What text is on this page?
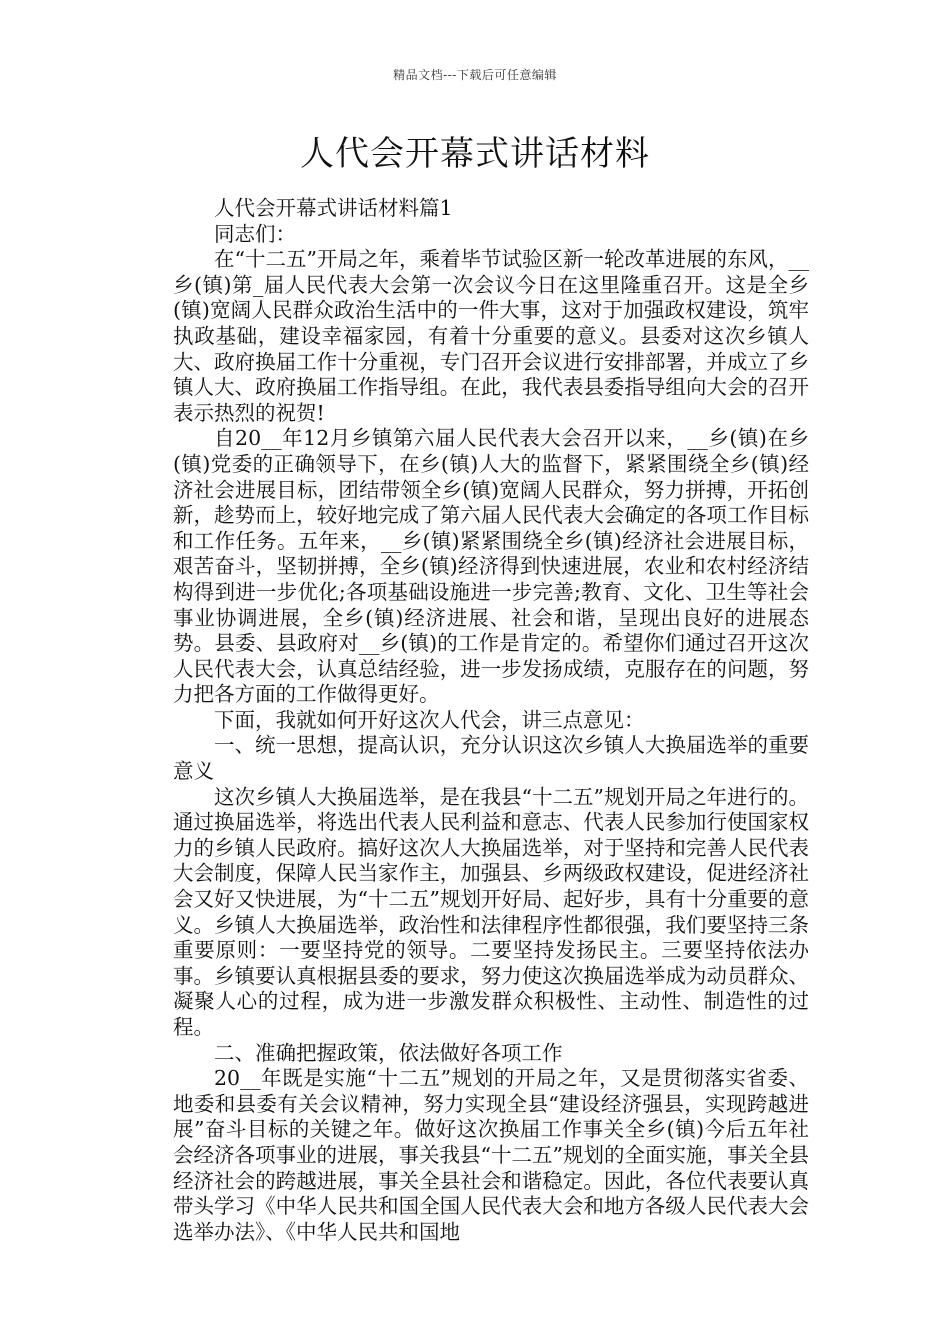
精品文档---下载后可任意编辑
人代会开幕式讲话材料

人代会开幕式讲话材料篇1

同志们：

在“十二五”开局之年，乘着毕节试验区新一轮改革进展的东风，__乡(镇)第_届人民代表大会第一次会议今日在这里隆重召开。这是全乡(镇)宽阔人民群众政治生活中的一件大事，这对于加强政权建设，筑牢执政基础，建设幸福家园，有着十分重要的意义。县委对这次乡镇人大、政府换届工作十分重视，专门召开会议进行安排部署，并成立了乡镇人大、政府换届工作指导组。在此，我代表县委指导组向大会的召开表示热烈的祝贺!

自20__年12月乡镇第六届人民代表大会召开以来，__乡(镇)在乡(镇)党委的正确领导下，在乡(镇)人大的监督下，紧紧围绕全乡(镇)经济社会进展目标，团结带领全乡(镇)宽阔人民群众，努力拼搏，开拓创新，趁势而上，较好地完成了第六届人民代表大会确定的各项工作目标和工作任务。五年来，__乡(镇)紧紧围绕全乡(镇)经济社会进展目标，艰苦奋斗，坚韧拼搏，全乡(镇)经济得到快速进展，农业和农村经济结构得到进一步优化;各项基础设施进一步完善;教育、文化、卫生等社会事业协调进展，全乡(镇)经济进展、社会和谐，呈现出良好的进展态势。县委、县政府对__乡(镇)的工作是肯定的。希望你们通过召开这次人民代表大会，认真总结经验，进一步发扬成绩，克服存在的问题，努力把各方面的工作做得更好。

下面，我就如何开好这次人代会，讲三点意见：

一、统一思想，提高认识，充分认识这次乡镇人大换届选举的重要意义

这次乡镇人大换届选举，是在我县“十二五”规划开局之年进行的。通过换届选举，将选出代表人民利益和意志、代表人民参加行使国家权力的乡镇人民政府。搞好这次人大换届选举，对于坚持和完善人民代表大会制度，保障人民当家作主，加强县、乡两级政权建设，促进经济社会又好又快进展，为“十二五”规划开好局、起好步，具有十分重要的意义。乡镇人大换届选举，政治性和法律程序性都很强，我们要坚持三条重要原则：一要坚持党的领导。二要坚持发扬民主。三要坚持依法办事。乡镇要认真根据县委的要求，努力使这次换届选举成为动员群众、凝聚人心的过程，成为进一步激发群众积极性、主动性、制造性的过程。

二、准确把握政策，依法做好各项工作

20__年既是实施“十二五”规划的开局之年，又是贯彻落实省委、地委和县委有关会议精神，努力实现全县“建设经济强县，实现跨越进展”奋斗目标的关键之年。做好这次换届工作事关全乡(镇)今后五年社会经济各项事业的进展，事关我县“十二五”规划的全面实施，事关全县经济社会的跨越进展，事关全县社会和谐稳定。因此，各位代表要认真带头学习《中华人民共和国全国人民代表大会和地方各级人民代表大会选举办法》、《中华人民共和国地
